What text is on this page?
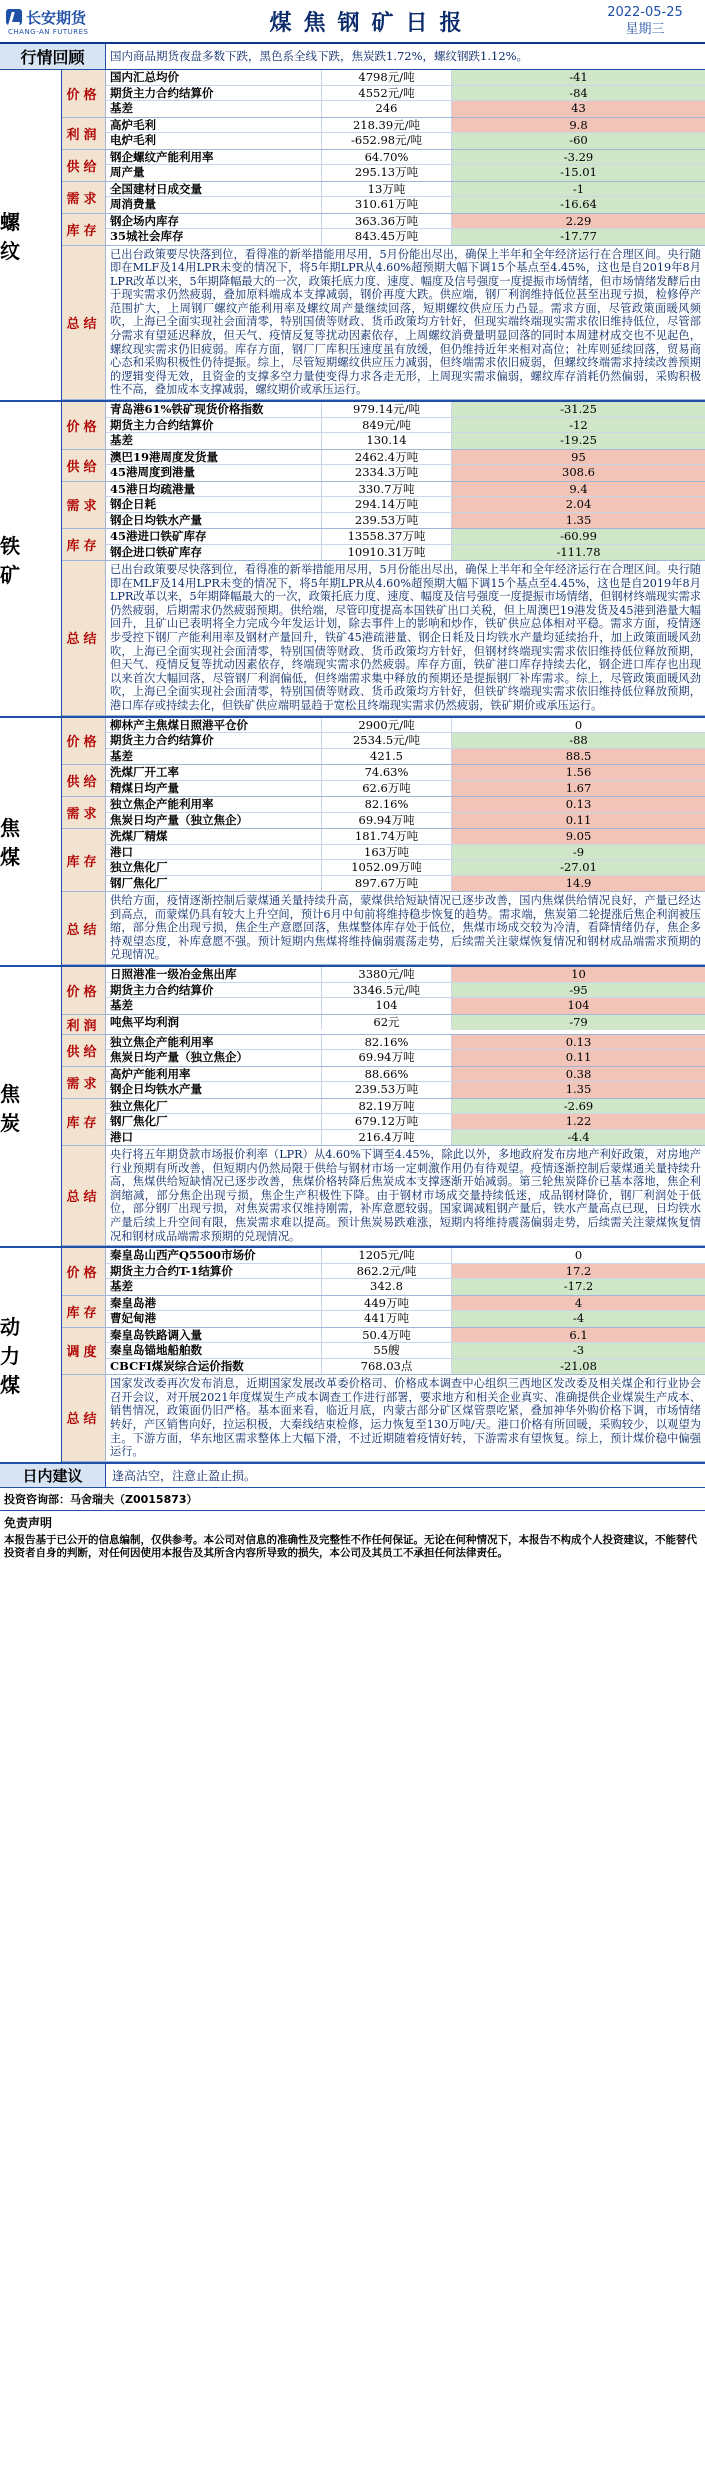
长安期货
CHANG-AN FUTURES	煤焦钢矿日报	2022-05-25
星期三
行情回顾	国内商品期货夜盘多数下跌，黑色系全线下跌，焦炭跌1.72%，螺纹钢跌1.12%。
螺 纹
价格
国内汇总均价	4798元/吨	-41
期货主力合约结算价	4552元/吨	-84
基差	246	43
利润
高炉毛利	218.39元/吨	9.8
电炉毛利	-652.98元/吨	-60
供给
钢企螺纹产能利用率	64.70%	-3.29
周产量	295.13万吨	-15.01
需求
全国建材日成交量	13万吨	-1
周消费量	310.61万吨	-16.64
库存
钢企场内库存	363.36万吨	2.29
35城社会库存	843.45万吨	-17.77
总结
已出台政策要尽快落到位，看得准的新举措能用尽用，5月份能出尽出，确保上半年和全年经济运行在合理区间。央行随即在MLF及14用LPR未变的情况下，将5年期LPR从4.60%超预期大幅下调15个基点至4.45%，这也是自2019年8月LPR改革以来，5年期降幅最大的一次，政策托底力度、速度、幅度及信号强度一度提振市场情绪，但市场情绪发酵后由于现实需求仍然疲弱，叠加原料端成本支撑减弱，钢价再度大跌。供应端，钢厂利润维持低位甚至出现亏损，检修停产范围扩大，上周钢厂螺纹产能利用率及螺纹周产量继续回落，短期螺纹供应压力凸显。需求方面，尽管政策面暖风频吹，上海已全面实现社会面清零，特别国债等财政、货币政策均方针好，但现实端终端现实需求依旧维持低位，尽管部分需求有望延迟释放，但天气、疫情反复等扰动因素依存，上周螺纹消费量明显回落的同时本周建材成交也不见起色，螺纹现实需求仍旧疲弱。库存方面，钢厂厂库积压速度虽有放缓，但仍维持近年来相对高位；社库则延续回落，贸易商心态和采购积极性仍待提振。综上，尽管短期螺纹供应压力减弱，但终端需求依旧疲弱，但螺纹终端需求持续改善预期的逻辑变得无效，且资金的支撑多空力量使变得力求各走无形，上周现实需求偏弱，螺纹库存消耗仍然偏弱，采购积极性不高，叠加成本支撑减弱，螺纹期价或承压运行。
铁 矿
价格
青岛港61%铁矿现货价格指数	979.14元/吨	-31.25
期货主力合约结算价	849元/吨	-12
基差	130.14	-19.25
供给
澳巴19港周度发货量	2462.4万吨	95
45港周度到港量	2334.3万吨	308.6
需求
45港日均疏港量	330.7万吨	9.4
钢企日耗	294.14万吨	2.04
钢企日均铁水产量	239.53万吨	1.35
库存
45港进口铁矿库存	13558.37万吨	-60.99
钢企进口铁矿库存	10910.31万吨	-111.78
总结
已出台政策要尽快落到位，看得准的新举措能用尽用，5月份能出尽出，确保上半年和全年经济运行在合理区间。央行随即在MLF及14用LPR未变的情况下，将5年期LPR从4.60%超预期大幅下调15个基点至4.45%，这也是自2019年8月LPR改革以来，5年期降幅最大的一次，政策托底力度、速度、幅度及信号强度一度提振市场情绪，但钢材终端现实需求仍然疲弱，后期需求仍然疲弱预期。供给端，尽管印度提高本国铁矿出口关税，但上周澳巴19港发货及45港到港量大幅回升，且矿山已表明将全力完成今年发运计划，除去事件上的影响和炒作，铁矿供应总体相对平稳。需求方面，疫情逐步受控下钢厂产能利用率及钢材产量回升，铁矿45港疏港量、钢企日耗及日均铁水产量均延续抬升，加上政策面暖风劲吹，上海已全面实现社会面清零，特别国债等财政、货币政策均方针好，但钢材终端现实需求依旧维持低位释放预期，但天气、疫情反复等扰动因素依存，终端现实需求仍然疲弱。库存方面，铁矿港口库存持续去化，钢企进口库存也出现以来首次大幅回落，尽管钢厂利润偏低，但终端需求集中释放的预期还是提振钢厂补库需求。综上，尽管政策面暖风劲吹，上海已全面实现社会面清零，特别国债等财政、货币政策均方针好，但铁矿终端现实需求依旧维持低位释放预期，港口库存或持续去化，但铁矿供应端明显趋于宽松且终端现实需求仍然疲弱，铁矿期价或承压运行。
焦 煤
价格
柳林产主焦煤日照港平仓价	2900元/吨	0
期货主力合约结算价	2534.5元/吨	-88
基差	421.5	88.5
供给
洗煤厂开工率	74.63%	1.56
精煤日均产量	62.6万吨	1.67
需求
独立焦企产能利用率	82.16%	0.13
焦炭日均产量（独立焦企）	69.94万吨	0.11
库存
洗煤厂精煤	181.74万吨	9.05
港口	163万吨	-9
独立焦化厂	1052.09万吨	-27.01
钢厂焦化厂	897.67万吨	14.9
总结
供给方面，疫情逐渐控制后蒙煤通关量持续升高，蒙煤供给短缺情况已逐步改善，国内焦煤供给情况良好，产量已经达到高点，而蒙煤仍具有较大上升空间，预计6月中旬前将维持稳步恢复的趋势。需求端，焦炭第二轮提涨后焦企利润被压缩，部分焦企出现亏损，焦企生产意愿回落，焦煤整体库存处于低位，焦煤市场成交较为冷清，看降情绪仍存，焦企多持观望态度，补库意愿不强。预计短期内焦煤将维持偏弱震荡走势，后续需关注蒙煤恢复情况和钢材成品端需求预期的兑现情况。
焦 炭
价格
日照港准一级冶金焦出库	3380元/吨	10
期货主力合约结算价	3346.5元/吨	-95
基差	104	104
利润 吨焦平均利润	62元	-79
供给
独立焦企产能利用率	82.16%	0.13
焦炭日均产量（独立焦企）	69.94万吨	0.11
需求
高炉产能利用率	88.66%	0.38
钢企日均铁水产量	239.53万吨	1.35
库存
独立焦化厂	82.19万吨	-2.69
钢厂焦化厂	679.12万吨	1.22
港口	216.4万吨	-4.4
总结
央行将五年期贷款市场报价利率（LPR）从4.60%下调至4.45%，除此以外，多地政府发布房地产利好政策，对房地产行业预期有所改善，但短期内仍然局限于供给与钢材市场一定刺激作用仍有待观望。疫情逐渐控制后蒙煤通关量持续升高，焦煤供给短缺情况已逐步改善，焦煤价格转降后焦炭成本支撑逐渐开始减弱。第三轮焦炭降价已基本落地，焦企利润缩减，部分焦企出现亏损，焦企生产积极性下降。由于钢材市场成交量持续低迷，成品钢材降价，钢厂利润处于低位，部分钢厂出现亏损，对焦炭需求仅维持刚需，补库意愿较弱。国家调减粗钢产量后，铁水产量高点已现，日均铁水产量后续上升空间有限，焦炭需求难以提高。预计焦炭易跌难涨，短期内将维持震荡偏弱走势，后续需关注蒙煤恢复情况和钢材成品端需求预期的兑现情况。
动力煤
价格
秦皇岛山西产Q5500市场价	1205元/吨	0
期货主力合约T-1结算价	862.2元/吨	17.2
基差	342.8	-17.2
库存
秦皇岛港	449万吨	4
曹妃甸港	441万吨	-4
调度
秦皇岛铁路调入量	50.4万吨	6.1
秦皇岛锚地船舶数	55艘	-3
CBCFI煤炭综合运价指数	768.03点	-21.08
总结
国家发改委再次发布消息，近期国家发展改革委价格司、价格成本调查中心组织三西地区发改委及相关煤企和行业协会召开会议，对开展2021年度煤炭生产成本调查工作进行部署，要求地方和相关企业真实、准确提供企业煤炭生产成本、销售情况，政策面仍旧严格。基本面来看，临近月底，内蒙古部分矿区煤管票吃紧，叠加神华外购价格下调，市场情绪转好，产区销售向好，拉运积极，大秦线结束检修，运力恢复至130万吨/天。港口价格有所回暖，采购较少，以观望为主。下游方面，华东地区需求整体上大幅下滑，不过近期随着疫情好转，下游需求有望恢复。综上，预计煤价稳中偏强运行。
日内建议	逢高沽空，注意止盈止损。
投资咨询部：马舍瑞夫（Z0015873）
免责声明
本报告基于已公开的信息编制，仅供参考。本公司对信息的准确性及完整性不作任何保证。无论在何种情况下，本报告不构成个人投资建议，不能替代投资者自身的判断，对任何因使用本报告及其所含内容所导致的损失，本公司及其员工不承担任何法律责任。
